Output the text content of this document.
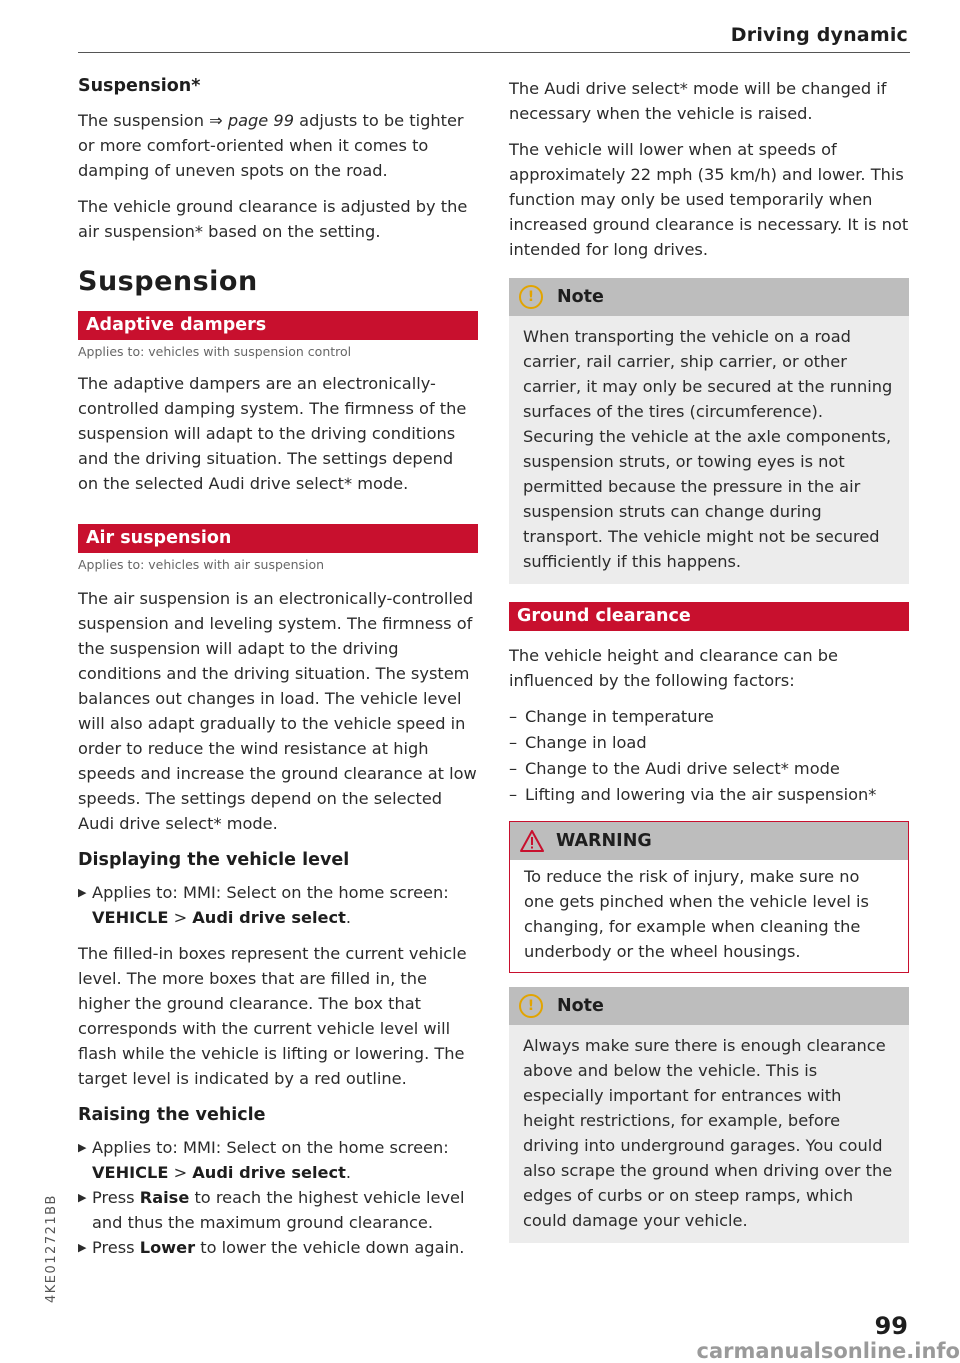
Driving dynamic
Suspension*

The suspension ⇒ page 99 adjusts to be tighter or more comfort-oriented when it comes to damping of uneven spots on the road.

The vehicle ground clearance is adjusted by the air suspension* based on the setting.

Suspension
Adaptive dampers
Applies to: vehicles with suspension control

The adaptive dampers are an electronically-controlled damping system. The firmness of the suspension will adapt to the driving conditions and the driving situation. The settings depend on the selected Audi drive select* mode.

Air suspension
Applies to: vehicles with air suspension

The air suspension is an electronically-controlled suspension and leveling system. The firmness of the suspension will adapt to the driving conditions and the driving situation. The system balances out changes in load. The vehicle level will also adapt gradually to the vehicle speed in order to reduce the wind resistance at high speeds and increase the ground clearance at low speeds. The settings depend on the selected Audi drive select* mode.

Displaying the vehicle level
▶ Applies to: MMI: Select on the home screen: VEHICLE > Audi drive select.

The filled-in boxes represent the current vehicle level. The more boxes that are filled in, the higher the ground clearance. The box that corresponds with the current vehicle level will flash while the vehicle is lifting or lowering. The target level is indicated by a red outline.

Raising the vehicle
▶ Applies to: MMI: Select on the home screen: VEHICLE > Audi drive select.
▶ Press Raise to reach the highest vehicle level and thus the maximum ground clearance.
▶ Press Lower to lower the vehicle down again.

The Audi drive select* mode will be changed if necessary when the vehicle is raised.

The vehicle will lower when at speeds of approximately 22 mph (35 km/h) and lower. This function may only be used temporarily when increased ground clearance is necessary. It is not intended for long drives.

!	Note

When transporting the vehicle on a road carrier, rail carrier, ship carrier, or other carrier, it may only be secured at the running surfaces of the tires (circumference). Securing the vehicle at the axle components, suspension struts, or towing eyes is not permitted because the pressure in the air suspension struts can change during transport. The vehicle might not be secured sufficiently if this happens.

Ground clearance

The vehicle height and clearance can be influenced by the following factors:

– Change in temperature
– Change in load
– Change to the Audi drive select* mode
– Lifting and lowering via the air suspension*
WARNING

To reduce the risk of injury, make sure no one gets pinched when the vehicle level is changing, for example when cleaning the underbody or the wheel housings.

!	Note

Always make sure there is enough clearance above and below the vehicle. This is especially important for entrances with height restrictions, for example, before driving into underground garages. You could also scrape the ground when driving over the edges of curbs or on steep ramps, which could damage your vehicle.

4KE012721BB
99
carmanualsonline.info
